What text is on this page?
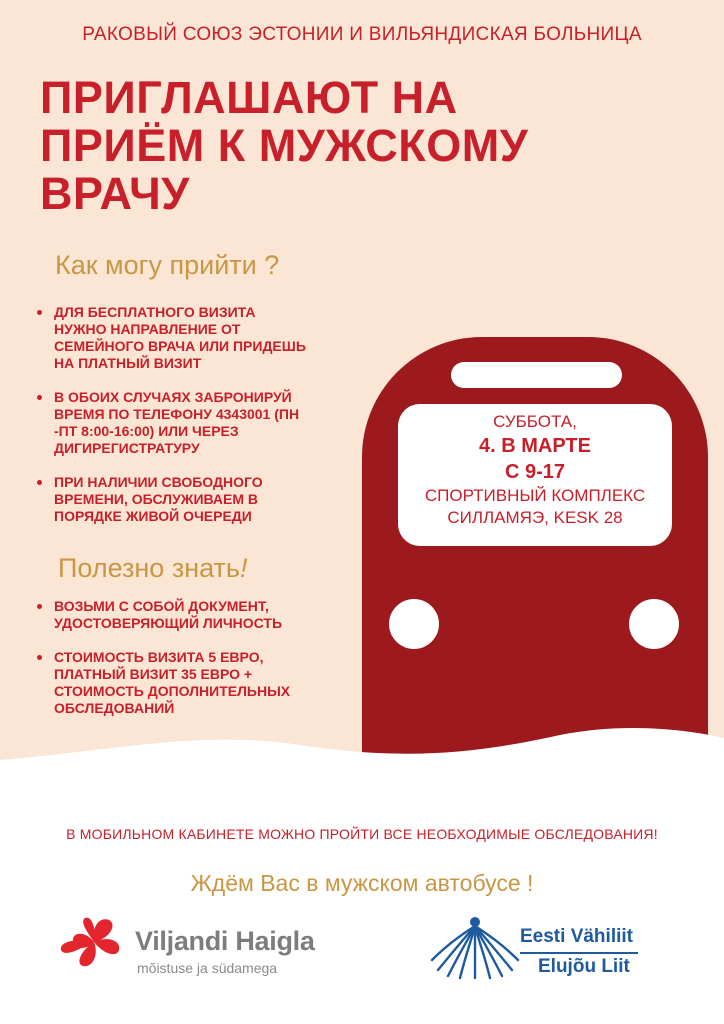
РАКОВЫЙ СОЮЗ ЭСТОНИИ И ВИЛЬЯНДИСКАЯ БОЛЬНИЦА
ПРИГЛАШАЮТ НА
ПРИЁМ К МУЖСКОМУ
ВРАЧУ
Как могу прийти ?
ДЛЯ БЕСПЛАТНОГО ВИЗИТА
НУЖНО НАПРАВЛЕНИЕ ОТ
СЕМЕЙНОГО ВРАЧА ИЛИ ПРИДЕШЬ
НА ПЛАТНЫЙ ВИЗИТ
В ОБОИХ СЛУЧАЯХ ЗАБРОНИРУЙ
ВРЕМЯ ПО ТЕЛЕФОНУ 4343001 (ПН
-ПТ 8:00-16:00) ИЛИ ЧЕРЕЗ
ДИГИРЕГИСТРАТУРУ
ПРИ НАЛИЧИИ СВОБОДНОГО
ВРЕМЕНИ, ОБСЛУЖИВАЕМ В
ПОРЯДКЕ ЖИВОЙ ОЧЕРЕДИ
Полезно знать!
ВОЗЬМИ С СОБОЙ ДОКУМЕНТ,
УДОСТОВЕРЯЮЩИЙ ЛИЧНОСТЬ
СТОИМОСТЬ ВИЗИТА 5 ЕВРО,
ПЛАТНЫЙ ВИЗИТ 35 ЕВРО +
СТОИМОСТЬ ДОПОЛНИТЕЛЬНЫХ
ОБСЛЕДОВАНИЙ
СУББОТА,
4. В МАРТЕ
С 9-17
СПОРТИВНЫЙ КОМПЛЕКС
СИЛЛАМЯЭ, KESK 28
В МОБИЛЬНОМ КАБИНЕТЕ МОЖНО ПРОЙТИ ВСЕ НЕОБХОДИМЫЕ ОБСЛЕДОВАНИЯ!
Ждём Вас в мужском автобусе !
Viljandi Haigla
mõistuse ja südamega
Eesti Vähiliit
Elujõu Liit
